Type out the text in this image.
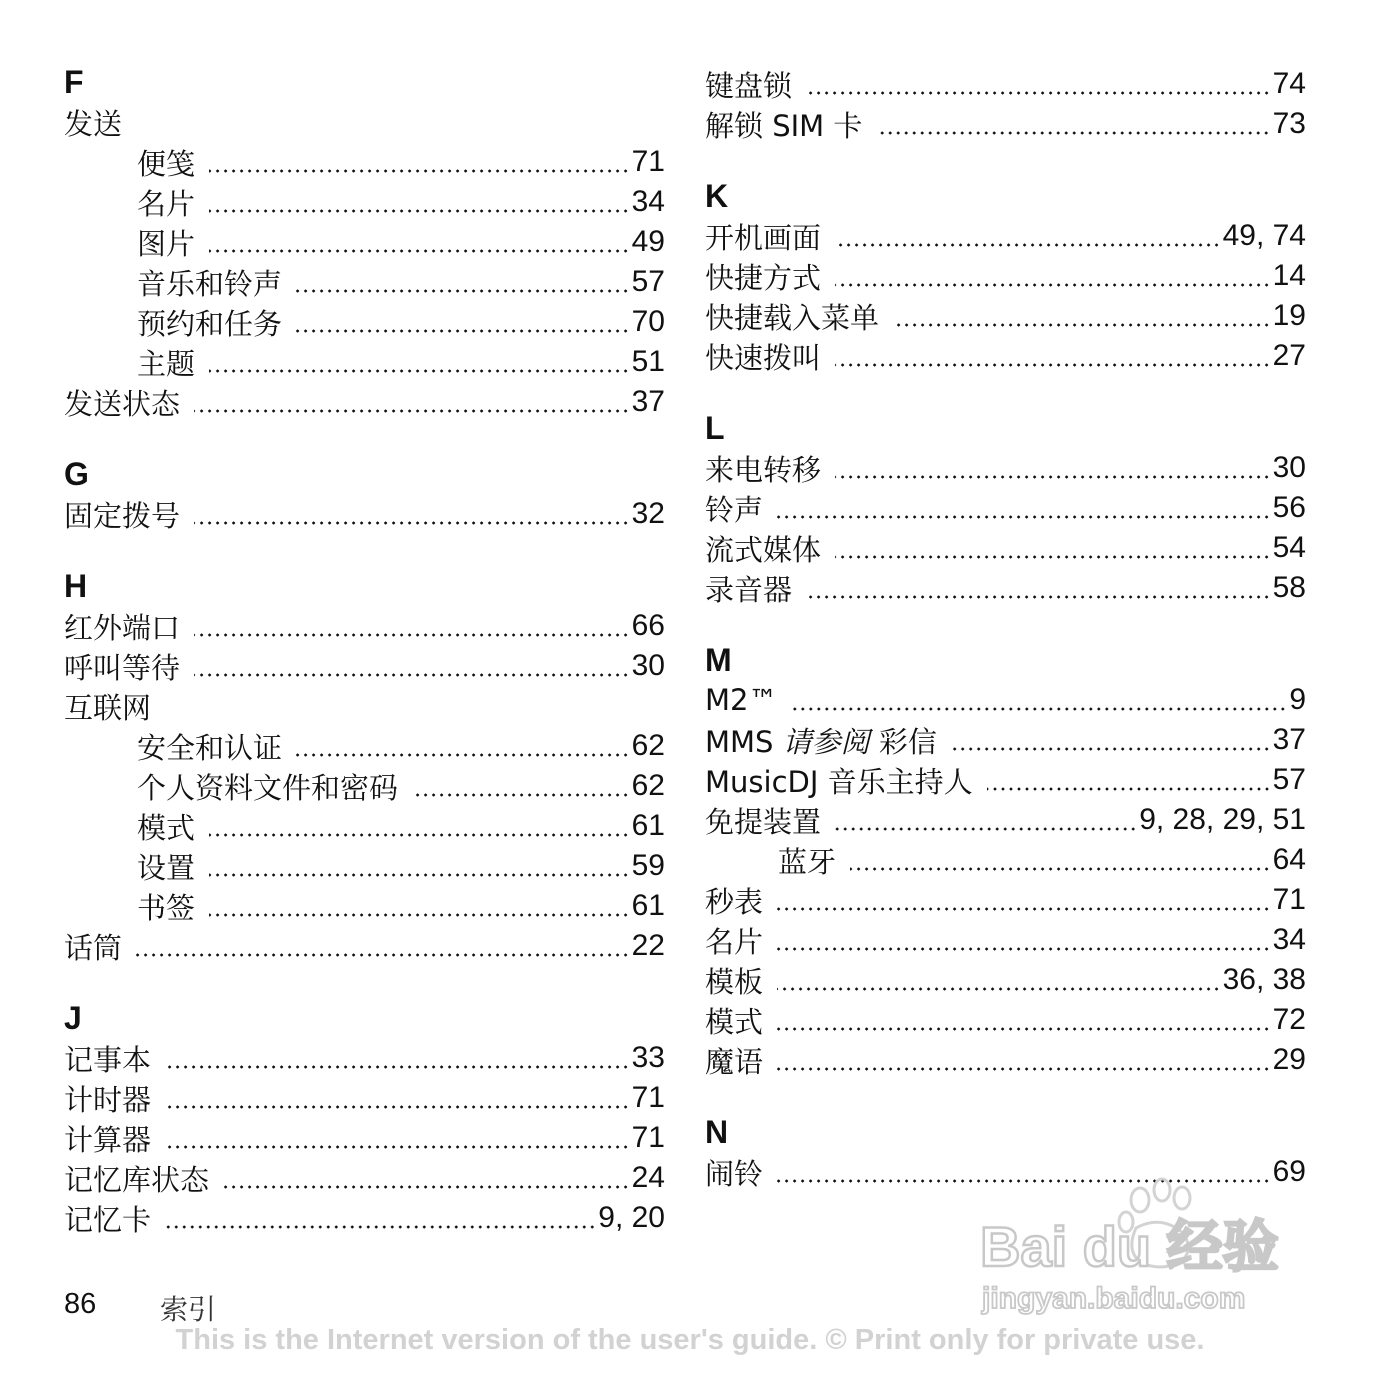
F
发送
便笺	71
名片	34
图片	49
音乐和铃声	57
预约和任务	70
主题	51
发送状态	37
G
固定拨号	32
H
红外端口	66
呼叫等待	30
互联网
安全和认证	62
个人资料文件和密码	62
模式	61
设置	59
书签	61
话筒	22
J
记事本	33
计时器	71
计算器	71
记忆库状态	24
记忆卡	9, 20
键盘锁	74
解锁 SIM 卡	73
K
开机画面	49, 74
快捷方式	14
快捷载入菜单	19
快速拨叫	27
L
来电转移	30
铃声	56
流式媒体	54
录音器	58
M
M2™	9
MMS 请参阅 彩信	37
MusicDJ 音乐主持人	57
免提装置	9, 28, 29, 51
蓝牙	64
秒表	71
名片	34
模板	36, 38
模式	72
魔语	29
N
闹铃	69
86 索引
This is the Internet version of the user's guide. © Print only for private use.
Bai du 经验
jingyan.baidu.com
